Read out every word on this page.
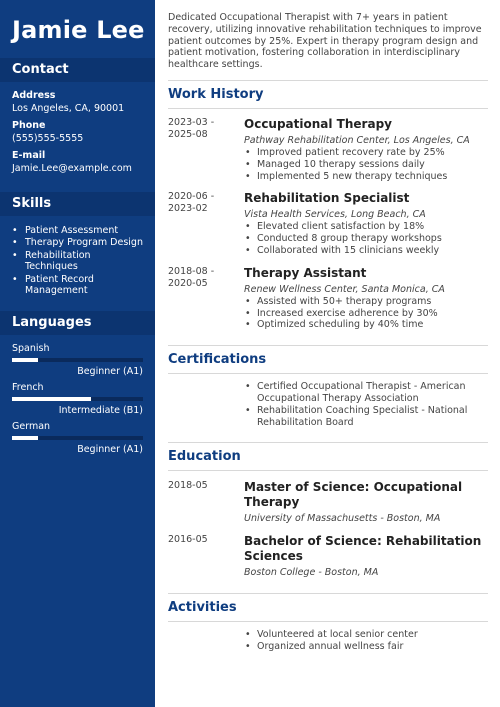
Jamie Lee
Contact
Address
Los Angeles, CA, 90001
Phone
(555)555-5555
E-mail
Jamie.Lee@example.com
Skills
• Patient Assessment
• Therapy Program Design
• Rehabilitation Techniques
• Patient Record Management
Languages
Spanish
Beginner (A1)
French
Intermediate (B1)
German
Beginner (A1)
Dedicated Occupational Therapist with 7+ years in patient recovery, utilizing innovative rehabilitation techniques to improve patient outcomes by 25%. Expert in therapy program design and patient motivation, fostering collaboration in interdisciplinary healthcare settings.
Work History
2023-03 - 2025-08
Occupational Therapy
Pathway Rehabilitation Center, Los Angeles, CA
• Improved patient recovery rate by 25%
• Managed 10 therapy sessions daily
• Implemented 5 new therapy techniques
2020-06 - 2023-02
Rehabilitation Specialist
Vista Health Services, Long Beach, CA
• Elevated client satisfaction by 18%
• Conducted 8 group therapy workshops
• Collaborated with 15 clinicians weekly
2018-08 - 2020-05
Therapy Assistant
Renew Wellness Center, Santa Monica, CA
• Assisted with 50+ therapy programs
• Increased exercise adherence by 30%
• Optimized scheduling by 40% time
Certifications
• Certified Occupational Therapist - American Occupational Therapy Association
• Rehabilitation Coaching Specialist - National Rehabilitation Board
Education
2018-05	Master of Science: Occupational Therapy
University of Massachusetts - Boston, MA
2016-05	Bachelor of Science: Rehabilitation Sciences
Boston College - Boston, MA
Activities
• Volunteered at local senior center
• Organized annual wellness fair
